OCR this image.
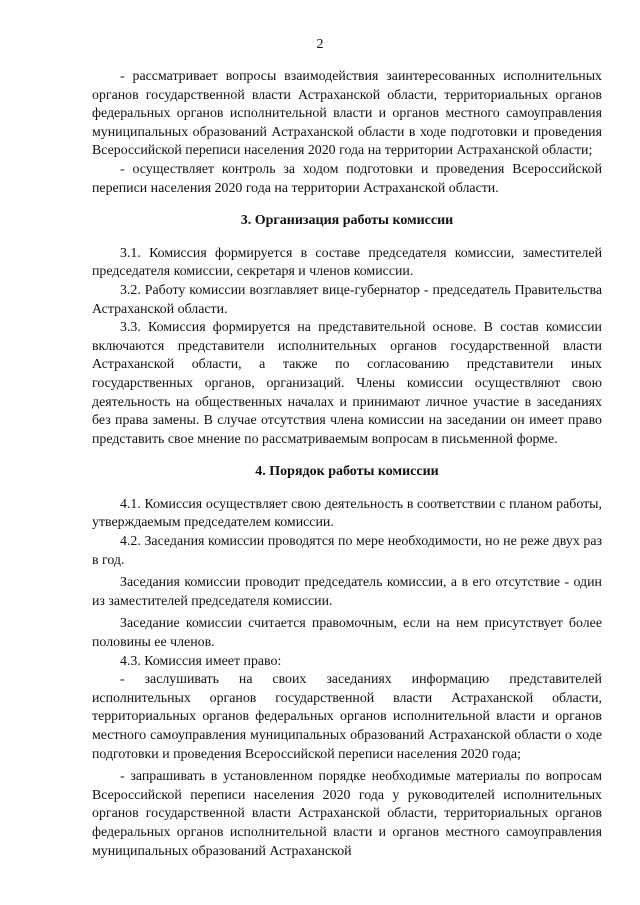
2

- рассматривает вопросы взаимодействия заинтересованных исполнительных органов государственной власти Астраханской области, территориальных органов федеральных органов исполнительной власти и органов местного самоуправления муниципальных образований Астраханской области в ходе подготовки и проведения Всероссийской переписи населения 2020 года на территории Астраханской области;

- осуществляет контроль за ходом подготовки и проведения Всероссийской переписи населения 2020 года на территории Астраханской области.

3. Организация работы комиссии

3.1. Комиссия формируется в составе председателя комиссии, заместителей председателя комиссии, секретаря и членов комиссии.

3.2. Работу комиссии возглавляет вице-губернатор - председатель Правительства Астраханской области.

3.3. Комиссия формируется на представительной основе. В состав комиссии включаются представители исполнительных органов государственной власти Астраханской области, а также по согласованию представители иных государственных органов, организаций. Члены комиссии осуществляют свою деятельность на общественных началах и принимают личное участие в заседаниях без права замены. В случае отсутствия члена комиссии на заседании он имеет право представить свое мнение по рассматриваемым вопросам в письменной форме.

4. Порядок работы комиссии

4.1. Комиссия осуществляет свою деятельность в соответствии с планом работы, утверждаемым председателем комиссии.

4.2. Заседания комиссии проводятся по мере необходимости, но не реже двух раз в год.

Заседания комиссии проводит председатель комиссии, а в его отсутствие - один из заместителей председателя комиссии.

Заседание комиссии считается правомочным, если на нем присутствует более половины ее членов.

4.3. Комиссия имеет право:

- заслушивать на своих заседаниях информацию представителей исполнительных органов государственной власти Астраханской области, территориальных органов федеральных органов исполнительной власти и органов местного самоуправления муниципальных образований Астраханской области о ходе подготовки и проведения Всероссийской переписи населения 2020 года;

- запрашивать в установленном порядке необходимые материалы по вопросам Всероссийской переписи населения 2020 года у руководителей исполнительных органов государственной власти Астраханской области, территориальных органов федеральных органов исполнительной власти и органов местного самоуправления муниципальных образований Астраханской
